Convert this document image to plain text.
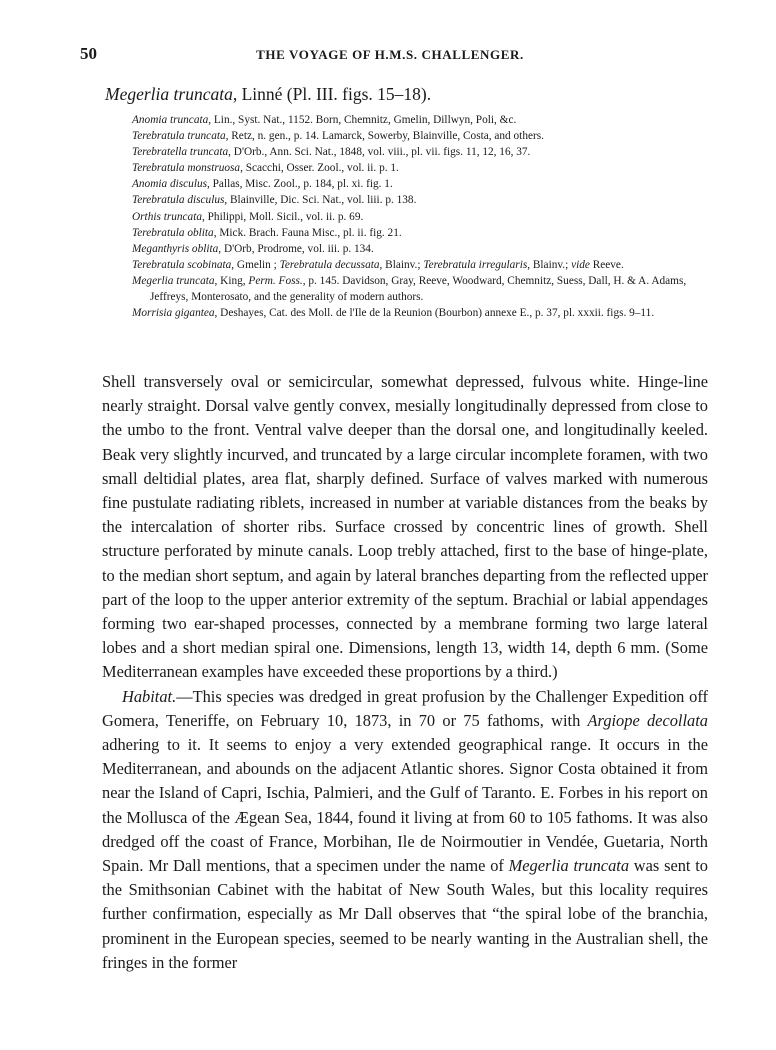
50	THE VOYAGE OF H.M.S. CHALLENGER.
Megerlia truncata, Linné (Pl. III. figs. 15–18).

Anomia truncata, Lin., Syst. Nat., 1152. Born, Chemnitz, Gmelin, Dillwyn, Poli, &c.

Terebratula truncata, Retz, n. gen., p. 14. Lamarck, Sowerby, Blainville, Costa, and others.

Terebratella truncata, D'Orb., Ann. Sci. Nat., 1848, vol. viii., pl. vii. figs. 11, 12, 16, 37.

Terebratula monstruosa, Scacchi, Osser. Zool., vol. ii. p. 1.

Anomia disculus, Pallas, Misc. Zool., p. 184, pl. xi. fig. 1.

Terebratula disculus, Blainville, Dic. Sci. Nat., vol. liii. p. 138.

Orthis truncata, Philippi, Moll. Sicil., vol. ii. p. 69.

Terebratula oblita, Mick. Brach. Fauna Misc., pl. ii. fig. 21.

Meganthyris oblita, D'Orb, Prodrome, vol. iii. p. 134.

Terebratula scobinata, Gmelin ; Terebratula decussata, Blainv.; Terebratula irregularis, Blainv.; vide Reeve.

Megerlia truncata, King, Perm. Foss., p. 145. Davidson, Gray, Reeve, Woodward, Chemnitz, Suess, Dall, H. & A. Adams, Jeffreys, Monterosato, and the generality of modern authors.

Morrisia gigantea, Deshayes, Cat. des Moll. de l'Ile de la Reunion (Bourbon) annexe E., p. 37, pl. xxxii. figs. 9–11.

Shell transversely oval or semicircular, somewhat depressed, fulvous white. Hinge-line nearly straight. Dorsal valve gently convex, mesially longitudinally depressed from close to the umbo to the front. Ventral valve deeper than the dorsal one, and longitudinally keeled. Beak very slightly incurved, and truncated by a large circular incomplete foramen, with two small deltidial plates, area flat, sharply defined. Surface of valves marked with numerous fine pustulate radiating riblets, increased in number at variable distances from the beaks by the intercalation of shorter ribs. Surface crossed by concentric lines of growth. Shell structure perforated by minute canals. Loop trebly attached, first to the base of hinge-plate, to the median short septum, and again by lateral branches departing from the reflected upper part of the loop to the upper anterior extremity of the septum. Brachial or labial appendages forming two ear-shaped processes, connected by a membrane forming two large lateral lobes and a short median spiral one. Dimensions, length 13, width 14, depth 6 mm. (Some Mediterranean examples have exceeded these proportions by a third.)

Habitat.—This species was dredged in great profusion by the Challenger Expedition off Gomera, Teneriffe, on February 10, 1873, in 70 or 75 fathoms, with Argiope decollata adhering to it. It seems to enjoy a very extended geographical range. It occurs in the Mediterranean, and abounds on the adjacent Atlantic shores. Signor Costa obtained it from near the Island of Capri, Ischia, Palmieri, and the Gulf of Taranto. E. Forbes in his report on the Mollusca of the Ægean Sea, 1844, found it living at from 60 to 105 fathoms. It was also dredged off the coast of France, Morbihan, Ile de Noirmoutier in Vendée, Guetaria, North Spain. Mr Dall mentions, that a specimen under the name of Megerlia truncata was sent to the Smithsonian Cabinet with the habitat of New South Wales, but this locality requires further confirmation, especially as Mr Dall observes that “the spiral lobe of the branchia, prominent in the European species, seemed to be nearly wanting in the Australian shell, the fringes in the former
